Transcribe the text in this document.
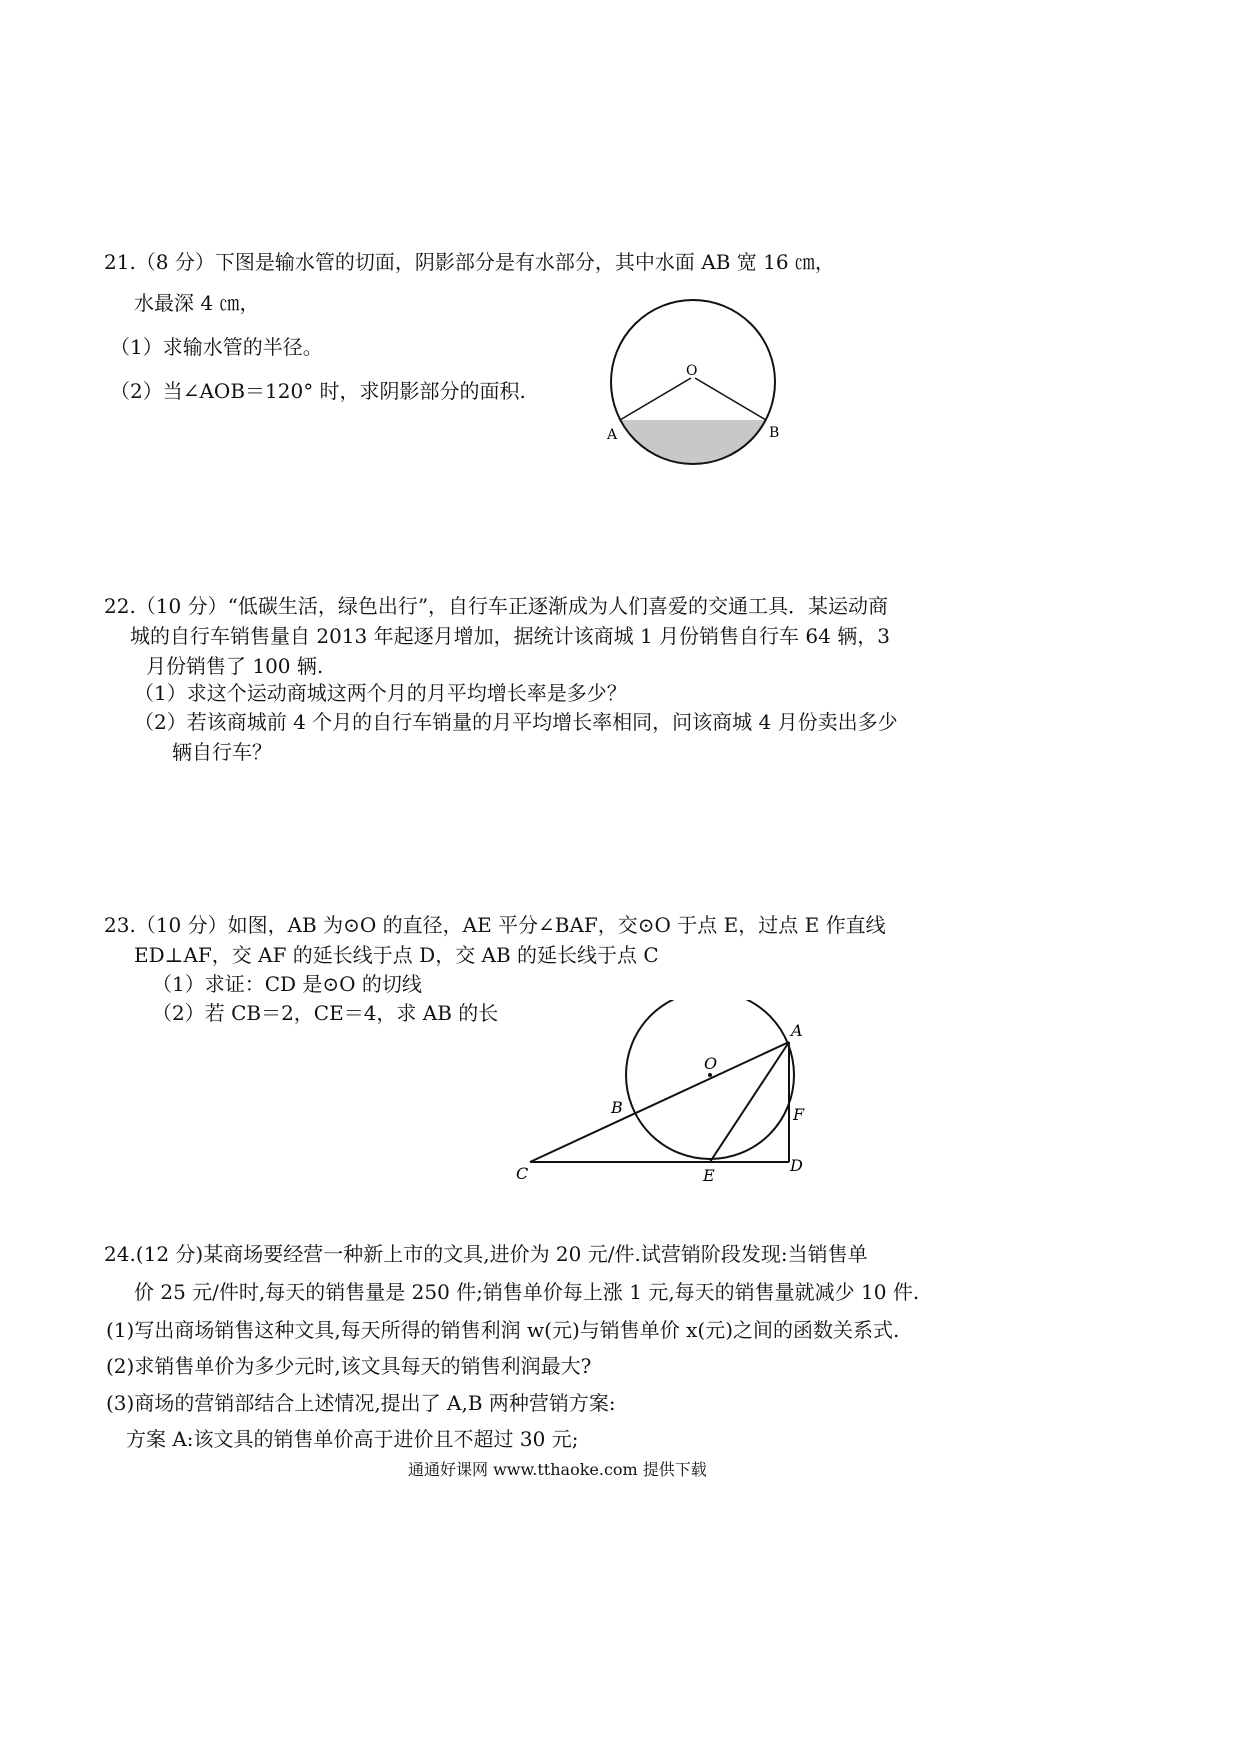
21.（8 分）下图是输水管的切面，阴影部分是有水部分，其中水面 AB 宽 16 ㎝，
水最深 4 ㎝，
（1）求输水管的半径。
（2）当∠AOB＝120° 时，求阴影部分的面积.
O
A	B
22.（10 分）“低碳生活，绿色出行”，自行车正逐渐成为人们喜爱的交通工具．某运动商
城的自行车销售量自 2013 年起逐月增加，据统计该商城 1 月份销售自行车 64 辆，3
月份销售了 100 辆.
（1）求这个运动商城这两个月的月平均增长率是多少？
（2）若该商城前 4 个月的自行车销量的月平均增长率相同，问该商城 4 月份卖出多少
辆自行车？
23.（10 分）如图，AB 为⊙O 的直径，AE 平分∠BAF，交⊙O 于点 E，过点 E 作直线
ED⊥AF，交 AF 的延长线于点 D，交 AB 的延长线于点 C
（1）求证：CD 是⊙O 的切线
（2）若 CB＝2，CE＝4，求 AB 的长
A
O
B	F
C	E
D
24.(12 分)某商场要经营一种新上市的文具,进价为 20 元/件.试营销阶段发现:当销售单
价 25 元/件时,每天的销售量是 250 件;销售单价每上涨 1 元,每天的销售量就减少 10 件.
(1)写出商场销售这种文具,每天所得的销售利润 w(元)与销售单价 x(元)之间的函数关系式.
(2)求销售单价为多少元时,该文具每天的销售利润最大?
(3)商场的营销部结合上述情况,提出了 A,B 两种营销方案:
方案 A:该文具的销售单价高于进价且不超过 30 元;
通通好课网 www.tthaoke.com 提供下载
